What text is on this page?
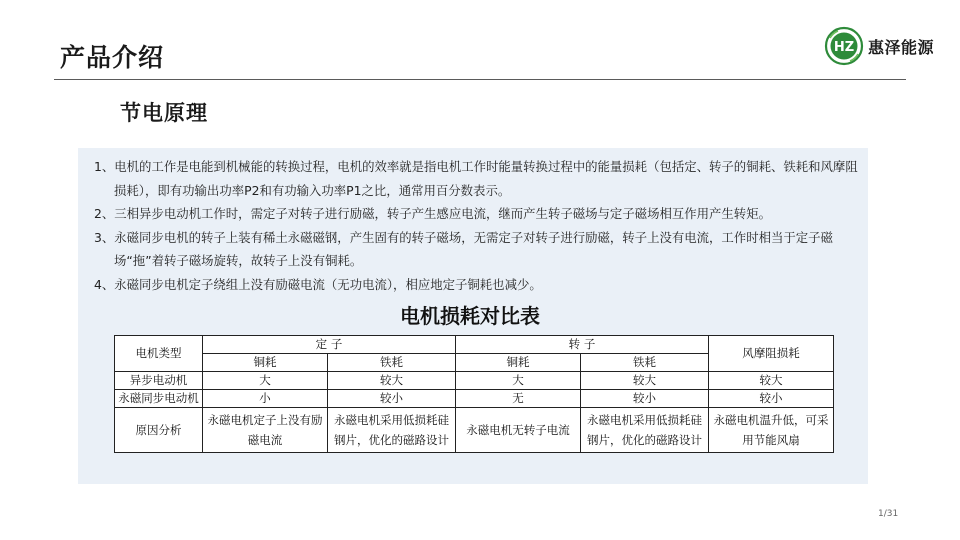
产品介绍	HZ 惠泽能源
节电原理

1、电机的工作是电能到机械能的转换过程，电机的效率就是指电机工作时能量转换过程中的能量损耗（包括定、转子的铜耗、铁耗和风摩阻损耗），即有功输出功率P2和有功输入功率P1之比，通常用百分数表示。

2、三相异步电动机工作时，需定子对转子进行励磁，转子产生感应电流，继而产生转子磁场与定子磁场相互作用产生转矩。

3、永磁同步电机的转子上装有稀土永磁磁钢，产生固有的转子磁场，无需定子对转子进行励磁，转子上没有电流，工作时相当于定子磁场“拖”着转子磁场旋转，故转子上没有铜耗。

4、永磁同步电机定子绕组上没有励磁电流（无功电流），相应地定子铜耗也减少。

电机损耗对比表
电机类型	定 子		转 子		风摩阻损耗
	铜耗	铁耗	铜耗	铁耗	
异步电动机	大	较大	大	较大	较大
永磁同步电动机	小	较小	无	较小	较小
原因分析	永磁电机定子上没有励磁电流	永磁电机采用低损耗硅钢片，优化的磁路设计	永磁电机无转子电流	永磁电机采用低损耗硅钢片，优化的磁路设计	永磁电机温升低，可采用节能风扇
1/31
